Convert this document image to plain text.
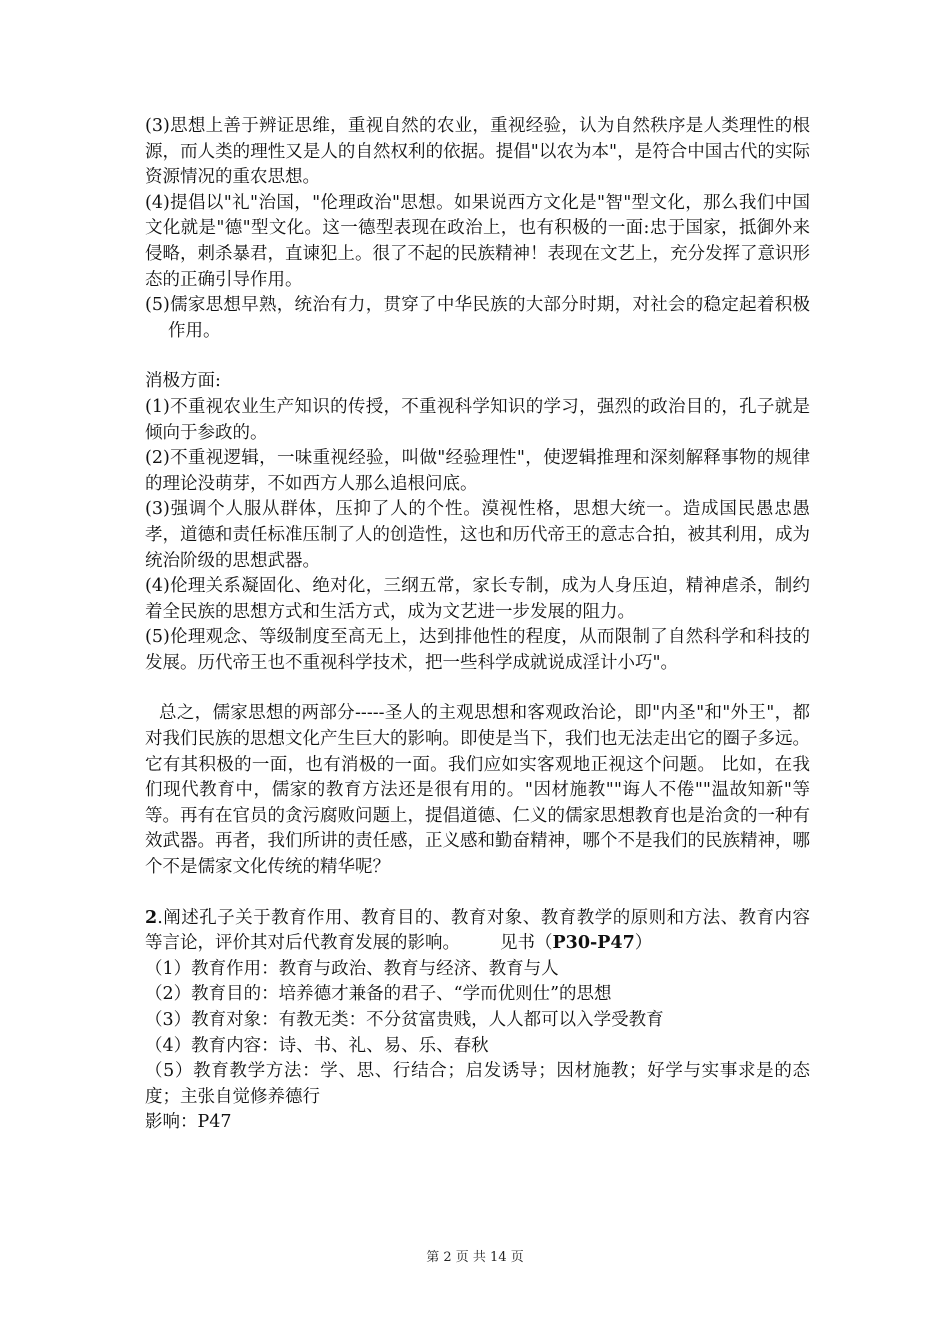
(3)思想上善于辨证思维，重视自然的农业，重视经验，认为自然秩序是人类理性的根源，而人类的理性又是人的自然权利的依据。提倡"以农为本"，是符合中国古代的实际资源情况的重农思想。

(4)提倡以"礼"治国，"伦理政治"思想。如果说西方文化是"智"型文化，那么我们中国文化就是"德"型文化。这一德型表现在政治上，也有积极的一面:忠于国家，抵御外来侵略，刺杀暴君，直谏犯上。很了不起的民族精神！表现在文艺上，充分发挥了意识形态的正确引导作用。

(5)儒家思想早熟，统治有力，贯穿了中华民族的大部分时期，对社会的稳定起着积极作用。

消极方面:

(1)不重视农业生产知识的传授，不重视科学知识的学习，强烈的政治目的，孔子就是倾向于参政的。

(2)不重视逻辑，一味重视经验，叫做"经验理性"，使逻辑推理和深刻解释事物的规律的理论没萌芽，不如西方人那么追根问底。

(3)强调个人服从群体，压抑了人的个性。漠视性格，思想大统一。造成国民愚忠愚孝，道德和责任标准压制了人的创造性，这也和历代帝王的意志合拍，被其利用，成为统治阶级的思想武器。

(4)伦理关系凝固化、绝对化，三纲五常，家长专制，成为人身压迫，精神虐杀，制约着全民族的思想方式和生活方式，成为文艺进一步发展的阻力。

(5)伦理观念、等级制度至高无上，达到排他性的程度，从而限制了自然科学和科技的发展。历代帝王也不重视科学技术，把一些科学成就说成淫计小巧"。

总之，儒家思想的两部分-----圣人的主观思想和客观政治论，即"内圣"和"外王"，都对我们民族的思想文化产生巨大的影响。即使是当下，我们也无法走出它的圈子多远。它有其积极的一面，也有消极的一面。我们应如实客观地正视这个问题。 比如，在我们现代教育中，儒家的教育方法还是很有用的。"因材施教""诲人不倦""温故知新"等等。再有在官员的贪污腐败问题上，提倡道德、仁义的儒家思想教育也是治贪的一种有效武器。再者，我们所讲的责任感，正义感和勤奋精神，哪个不是我们的民族精神，哪个不是儒家文化传统的精华呢？

2.阐述孔子关于教育作用、教育目的、教育对象、教育教学的原则和方法、教育内容等言论，评价其对后代教育发展的影响。 见书（P30-P47）

（1）教育作用：教育与政治、教育与经济、教育与人

（2）教育目的：培养德才兼备的君子、“学而优则仕”的思想

（3）教育对象：有教无类：不分贫富贵贱，人人都可以入学受教育

（4）教育内容：诗、书、礼、易、乐、春秋

（5）教育教学方法：学、思、行结合；启发诱导；因材施教；好学与实事求是的态度；主张自觉修养德行

影响：P47

第 2 页 共 14 页
